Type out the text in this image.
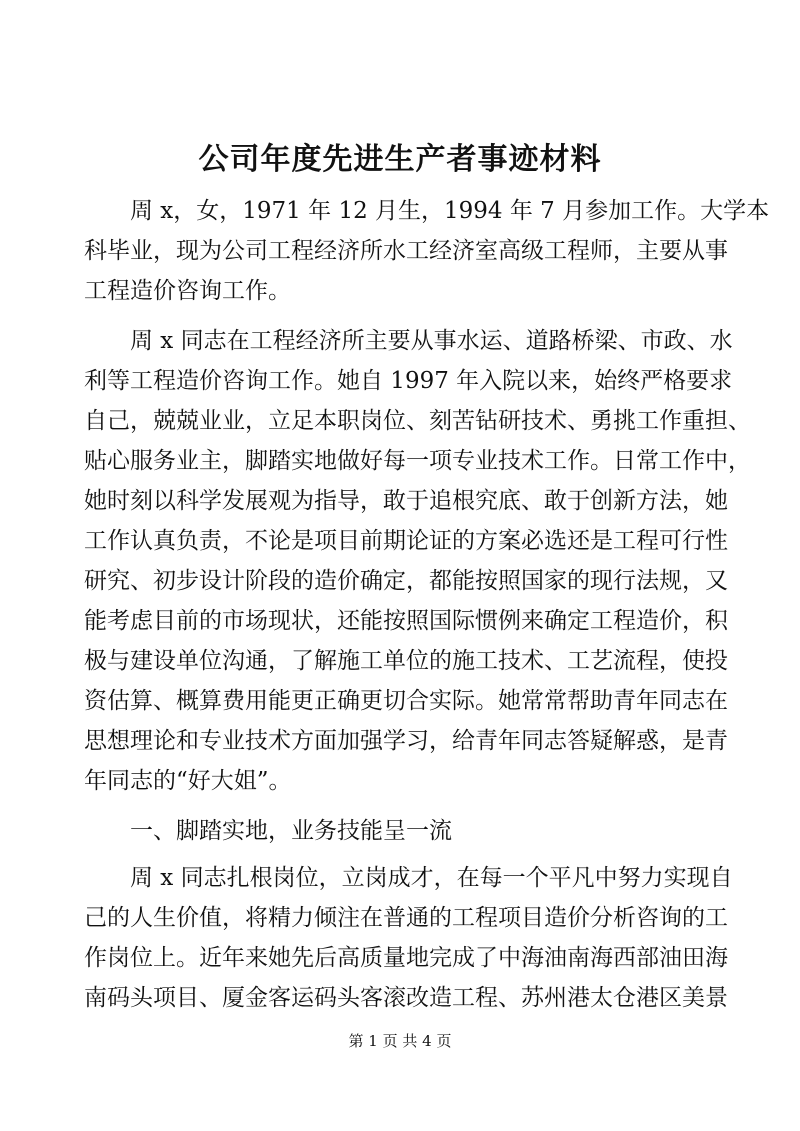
公司年度先进生产者事迹材料
周 x，女，1971 年 12 月生，1994 年 7 月参加工作。大学本
科毕业，现为公司工程经济所水工经济室高级工程师，主要从事
工程造价咨询工作。
周 x 同志在工程经济所主要从事水运、道路桥梁、市政、水
利等工程造价咨询工作。她自 1997 年入院以来，始终严格要求
自己，兢兢业业，立足本职岗位、刻苦钻研技术、勇挑工作重担、
贴心服务业主，脚踏实地做好每一项专业技术工作。日常工作中，
她时刻以科学发展观为指导，敢于追根究底、敢于创新方法，她
工作认真负责，不论是项目前期论证的方案必选还是工程可行性
研究、初步设计阶段的造价确定，都能按照国家的现行法规，又
能考虑目前的市场现状，还能按照国际惯例来确定工程造价，积
极与建设单位沟通，了解施工单位的施工技术、工艺流程，使投
资估算、概算费用能更正确更切合实际。她常常帮助青年同志在
思想理论和专业技术方面加强学习，给青年同志答疑解惑，是青
年同志的“好大姐”。
一、脚踏实地，业务技能呈一流
周 x 同志扎根岗位，立岗成才，在每一个平凡中努力实现自
己的人生价值，将精力倾注在普通的工程项目造价分析咨询的工
作岗位上。近年来她先后高质量地完成了中海油南海西部油田海
南码头项目、厦金客运码头客滚改造工程、苏州港太仓港区美景
第 1 页 共 4 页
